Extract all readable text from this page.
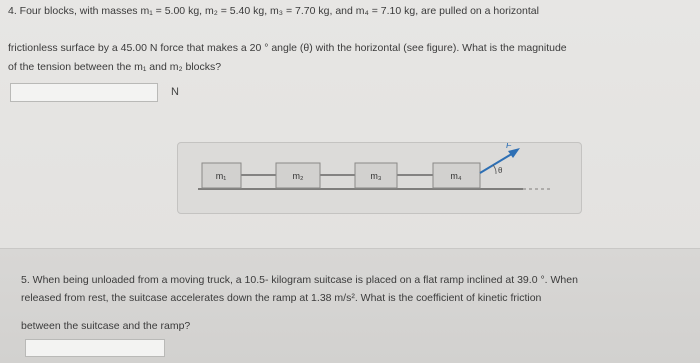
4. Four blocks, with masses m₁ = 5.00 kg, m₂ = 5.40 kg, m₃ = 7.70 kg, and m₄ = 7.10 kg, are pulled on a horizontal
frictionless surface by a 45.00 N force that makes a 20 ° angle (θ) with the horizontal (see figure). What is the magnitude
of the tension between the m₁ and m₂ blocks?
N
m₁	m₂	m₃	m₄
F
θ
5. When being unloaded from a moving truck, a 10.5- kilogram suitcase is placed on a flat ramp inclined at 39.0 °. When
released from rest, the suitcase accelerates down the ramp at 1.38 m/s². What is the coefficient of kinetic friction
between the suitcase and the ramp?
